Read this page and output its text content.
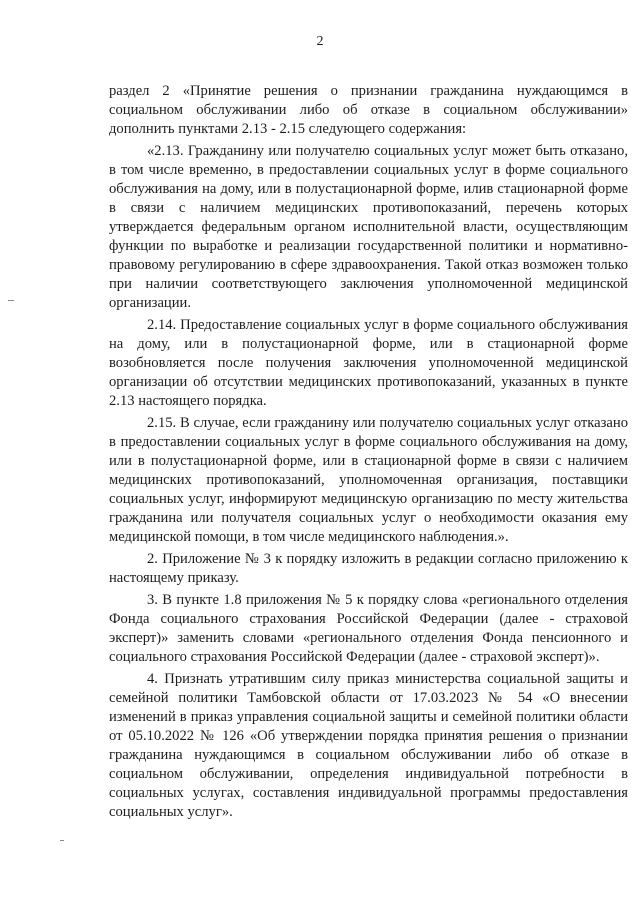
2

раздел 2 «Принятие решения о признании гражданина нуждающимся в социальном обслуживании либо об отказе в социальном обслуживании» дополнить пунктами 2.13 - 2.15 следующего содержания:

«2.13. Гражданину или получателю социальных услуг может быть отказано, в том числе временно, в предоставлении социальных услуг в форме социального обслуживания на дому, или в полустационарной форме, илив стационарной форме в связи с наличием медицинских противопоказаний, перечень которых утверждается федеральным органом исполнительной власти, осуществляющим функции по выработке и реализации государственной политики и нормативно-правовому регулированию в сфере здравоохранения. Такой отказ возможен только при наличии соответствующего заключения уполномоченной медицинской организации.

2.14. Предоставление социальных услуг в форме социального обслуживания на дому, или в полустационарной форме, или в стационарной форме возобновляется после получения заключения уполномоченной медицинской организации об отсутствии медицинских противопоказаний, указанных в пункте 2.13 настоящего порядка.

2.15. В случае, если гражданину или получателю социальных услуг отказано в предоставлении социальных услуг в форме социального обслуживания на дому, или в полустационарной форме, или в стационарной форме в связи с наличием медицинских противопоказаний, уполномоченная организация, поставщики социальных услуг, информируют медицинскую организацию по месту жительства гражданина или получателя социальных услуг о необходимости оказания ему медицинской помощи, в том числе медицинского наблюдения.».

2. Приложение № 3 к порядку изложить в редакции согласно приложению к настоящему приказу.

3. В пункте 1.8 приложения № 5 к порядку слова «регионального отделения Фонда социального страхования Российской Федерации (далее - страховой эксперт)» заменить словами «регионального отделения Фонда пенсионного и социального страхования Российской Федерации (далее - страховой эксперт)».

4. Признать утратившим силу приказ министерства социальной защиты и семейной политики Тамбовской области от 17.03.2023 № 54 «О внесении изменений в приказ управления социальной защиты и семейной политики области от 05.10.2022 № 126 «Об утверждении порядка принятия решения о признании гражданина нуждающимся в социальном обслуживании либо об отказе в социальном обслуживании, определения индивидуальной потребности в социальных услугах, составления индивидуальной программы предоставления социальных услуг».
